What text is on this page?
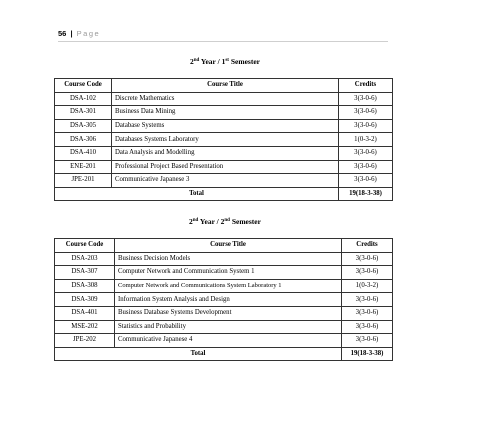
56 | Page
2nd Year / 1st Semester
Course Code	Course Title	Credits
DSA-102	Discrete Mathematics	3(3-0-6)
DSA-301	Business Data Mining	3(3-0-6)
DSA-305	Database Systems	3(3-0-6)
DSA-306	Databases Systems Laboratory	1(0-3-2)
DSA-410	Data Analysis and Modelling	3(3-0-6)
ENE-201	Professional Project Based Presentation	3(3-0-6)
JPE-201	Communicative Japanese 3	3(3-0-6)
Total		19(18-3-38)
2nd Year / 2nd Semester
Course Code	Course Title	Credits
DSA-203	Business Decision Models	3(3-0-6)
DSA-307	Computer Network and Communication System 1	3(3-0-6)
DSA-308	Computer Network and Communications System Laboratory 1	1(0-3-2)
DSA-309	Information System Analysis and Design	3(3-0-6)
DSA-401	Business Database Systems Development	3(3-0-6)
MSE-202	Statistics and Probability	3(3-0-6)
JPE-202	Communicative Japanese 4	3(3-0-6)
Total		19(18-3-38)
